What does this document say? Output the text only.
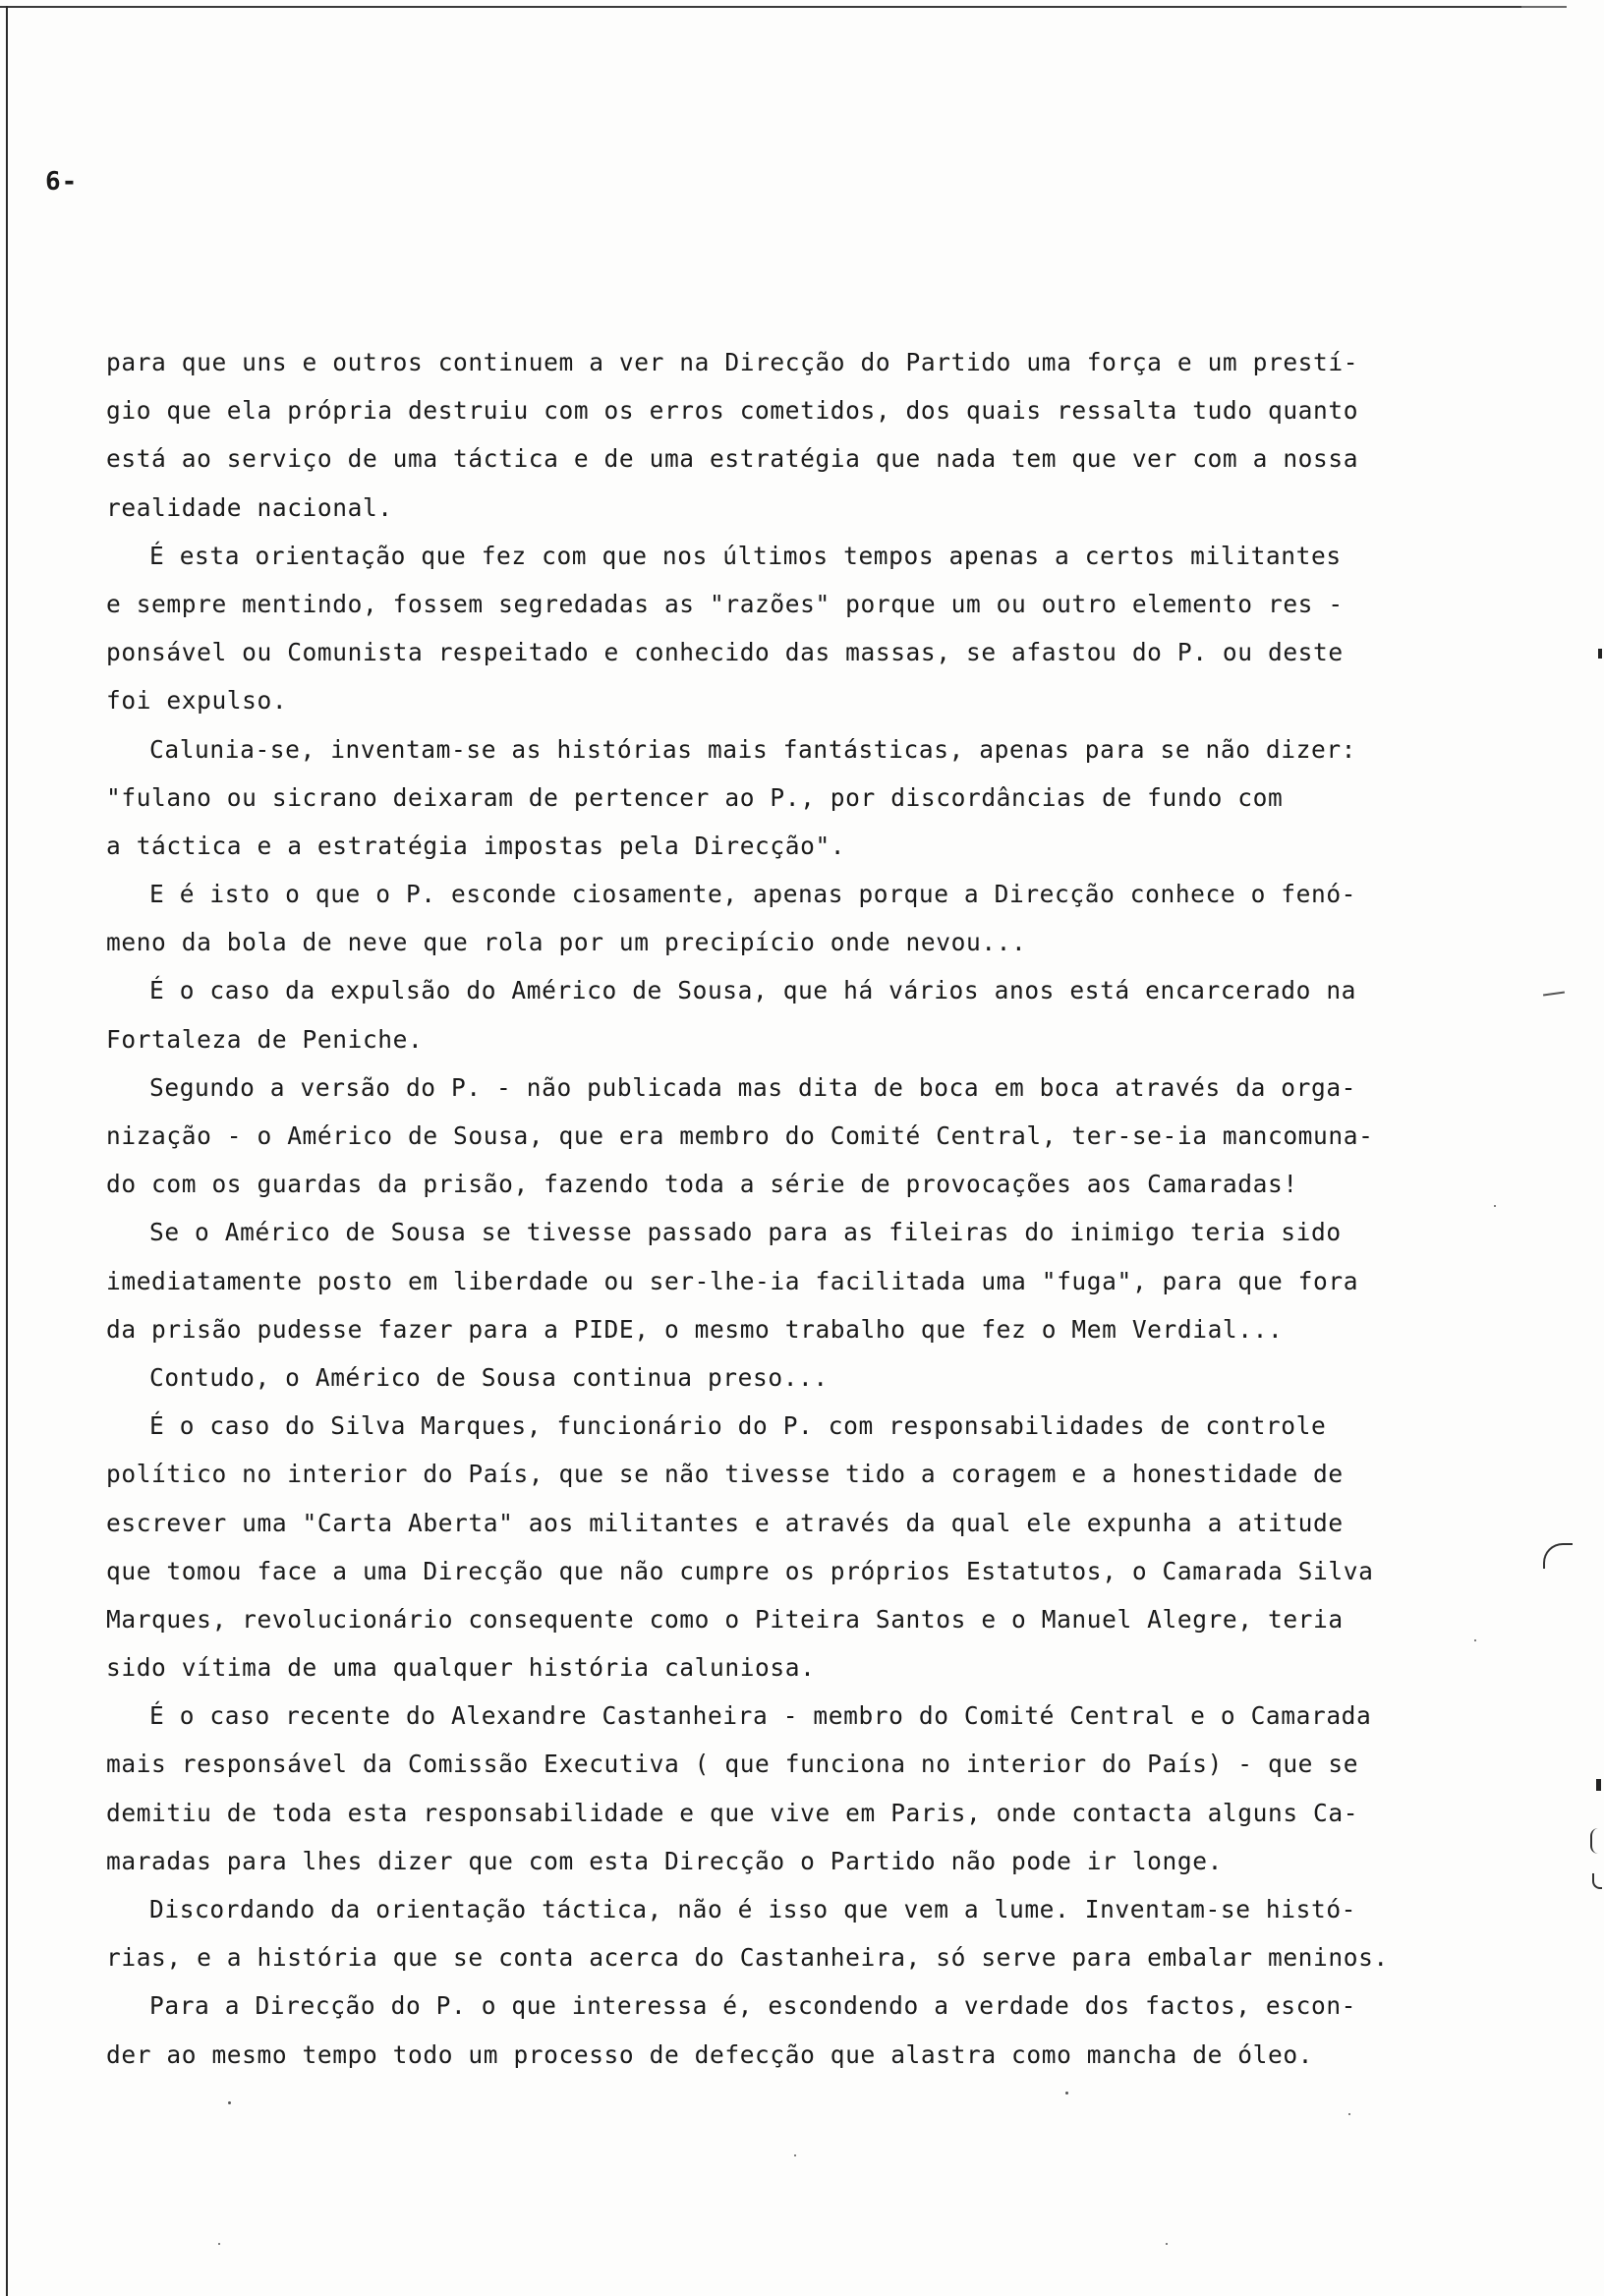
6-
para que uns e outros continuem a ver na Direcção do Partido uma força e um prestí-
gio que ela própria destruiu com os erros cometidos, dos quais ressalta tudo quanto
está ao serviço de uma táctica e de uma estratégia que nada tem que ver com a nossa
realidade nacional.
É esta orientação que fez com que nos últimos tempos apenas a certos militantes
e sempre mentindo, fossem segredadas as "razões" porque um ou outro elemento res -
ponsável ou Comunista respeitado e conhecido das massas, se afastou do P. ou deste
foi expulso.
Calunia-se, inventam-se as histórias mais fantásticas, apenas para se não dizer:
"fulano ou sicrano deixaram de pertencer ao P., por discordâncias de fundo com
a táctica e a estratégia impostas pela Direcção".
E é isto o que o P. esconde ciosamente, apenas porque a Direcção conhece o fenó-
meno da bola de neve que rola por um precipício onde nevou...
É o caso da expulsão do Américo de Sousa, que há vários anos está encarcerado na
Fortaleza de Peniche.
Segundo a versão do P. - não publicada mas dita de boca em boca através da orga-
nização - o Américo de Sousa, que era membro do Comité Central, ter-se-ia mancomuna-
do com os guardas da prisão, fazendo toda a série de provocações aos Camaradas!
Se o Américo de Sousa se tivesse passado para as fileiras do inimigo teria sido
imediatamente posto em liberdade ou ser-lhe-ia facilitada uma "fuga", para que fora
da prisão pudesse fazer para a PIDE, o mesmo trabalho que fez o Mem Verdial...
Contudo, o Américo de Sousa continua preso...
É o caso do Silva Marques, funcionário do P. com responsabilidades de controle
político no interior do País, que se não tivesse tido a coragem e a honestidade de
escrever uma "Carta Aberta" aos militantes e através da qual ele expunha a atitude
que tomou face a uma Direcção que não cumpre os próprios Estatutos, o Camarada Silva
Marques, revolucionário consequente como o Piteira Santos e o Manuel Alegre, teria
sido vítima de uma qualquer história caluniosa.
É o caso recente do Alexandre Castanheira - membro do Comité Central e o Camarada
mais responsável da Comissão Executiva ( que funciona no interior do País) - que se
demitiu de toda esta responsabilidade e que vive em Paris, onde contacta alguns Ca-
maradas para lhes dizer que com esta Direcção o Partido não pode ir longe.
Discordando da orientação táctica, não é isso que vem a lume. Inventam-se histó-
rias, e a história que se conta acerca do Castanheira, só serve para embalar meninos.
Para a Direcção do P. o que interessa é, escondendo a verdade dos factos, escon-
der ao mesmo tempo todo um processo de defecção que alastra como mancha de óleo.
